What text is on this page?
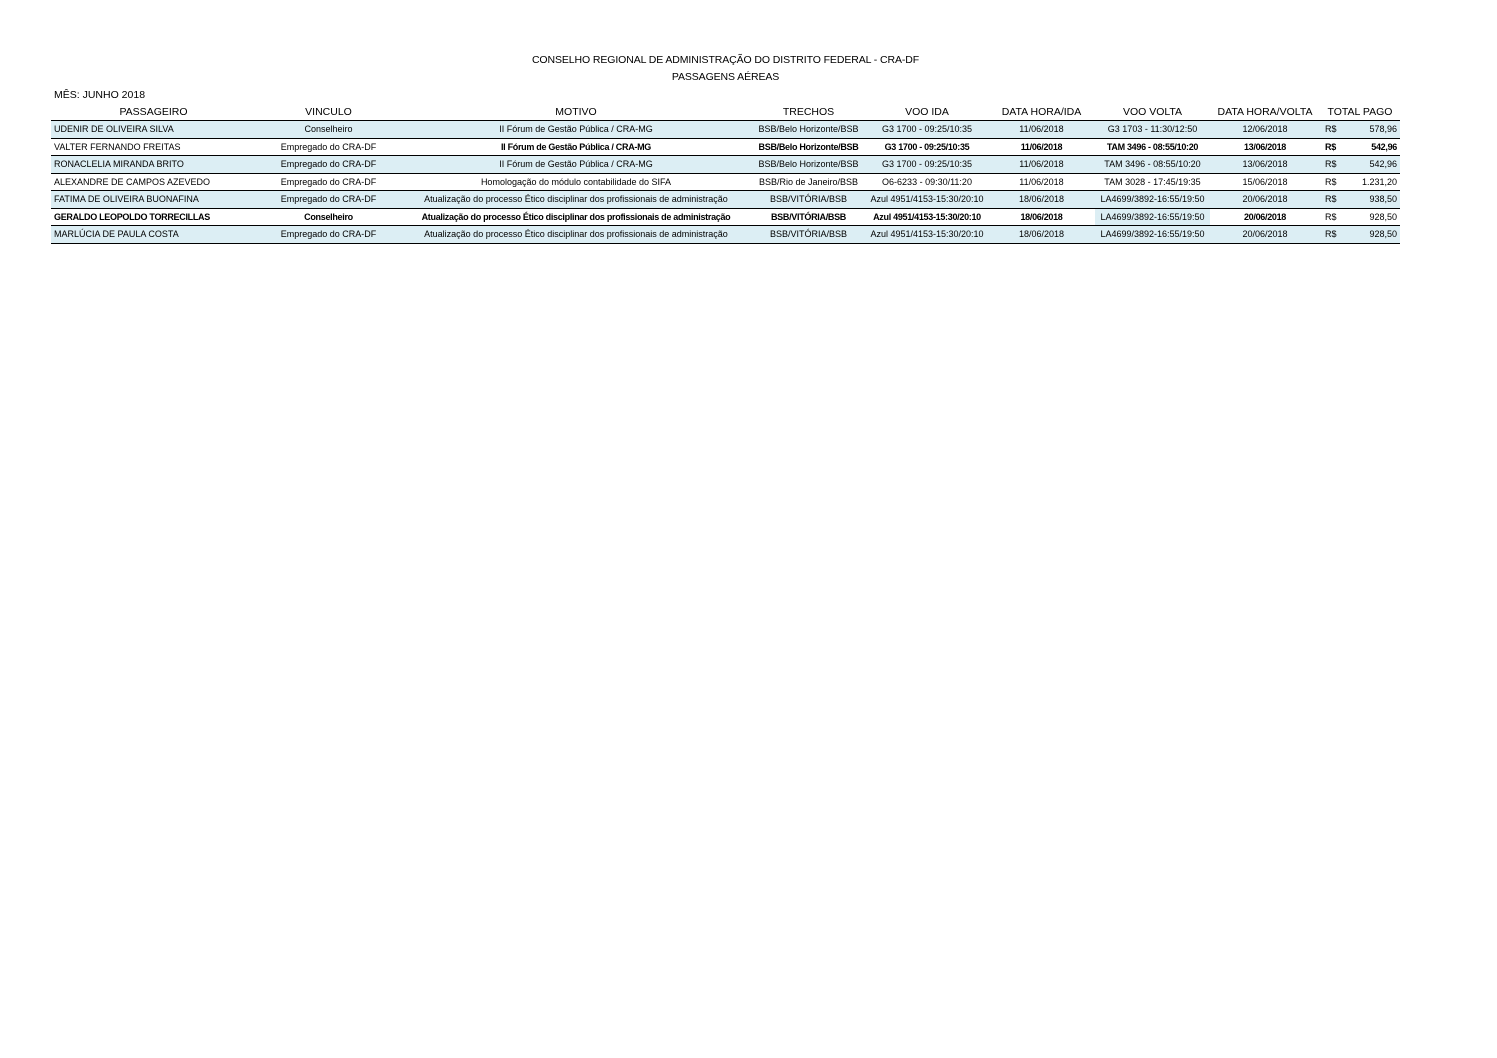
CONSELHO REGIONAL DE ADMINISTRAÇÃO DO DISTRITO FEDERAL - CRA-DF
PASSAGENS AÉREAS
MÊS: JUNHO 2018
PASSAGEIRO	VINCULO	MOTIVO	TRECHOS	VOO IDA	DATA HORA/IDA	VOO VOLTA	DATA HORA/VOLTA	TOTAL PAGO	
UDENIR DE OLIVEIRA SILVA	Conselheiro	II Fórum de Gestão Pública / CRA-MG	BSB/Belo Horizonte/BSB	G3 1700 - 09:25/10:35	11/06/2018	G3 1703 - 11:30/12:50	12/06/2018	R$	578,96
VALTER FERNANDO FREITAS	Empregado do CRA-DF	II Fórum de Gestão Pública / CRA-MG	BSB/Belo Horizonte/BSB	G3 1700 - 09:25/10:35	11/06/2018	TAM 3496 - 08:55/10:20	13/06/2018	R$	542,96
RONACLELIA MIRANDA BRITO	Empregado do CRA-DF	II Fórum de Gestão Pública / CRA-MG	BSB/Belo Horizonte/BSB	G3 1700 - 09:25/10:35	11/06/2018	TAM 3496 - 08:55/10:20	13/06/2018	R$	542,96
ALEXANDRE DE CAMPOS AZEVEDO	Empregado do CRA-DF	Homologação do módulo contabilidade do SIFA	BSB/Rio de Janeiro/BSB	O6-6233 - 09:30/11:20	11/06/2018	TAM 3028 - 17:45/19:35	15/06/2018	R$	1.231,20
FATIMA DE OLIVEIRA BUONAFINA	Empregado do CRA-DF	Atualização do processo Ético disciplinar dos profissionais de administração	BSB/VITÓRIA/BSB	Azul 4951/4153-15:30/20:10	18/06/2018	LA4699/3892-16:55/19:50	20/06/2018	R$	938,50
GERALDO LEOPOLDO TORRECILLAS	Conselheiro	Atualização do processo Ético disciplinar dos profissionais de administração	BSB/VITÓRIA/BSB	Azul 4951/4153-15:30/20:10	18/06/2018	LA4699/3892-16:55/19:50	20/06/2018	R$	928,50
MARLÚCIA DE PAULA COSTA	Empregado do CRA-DF	Atualização do processo Ético disciplinar dos profissionais de administração	BSB/VITÓRIA/BSB	Azul 4951/4153-15:30/20:10	18/06/2018	LA4699/3892-16:55/19:50	20/06/2018	R$	928,50
